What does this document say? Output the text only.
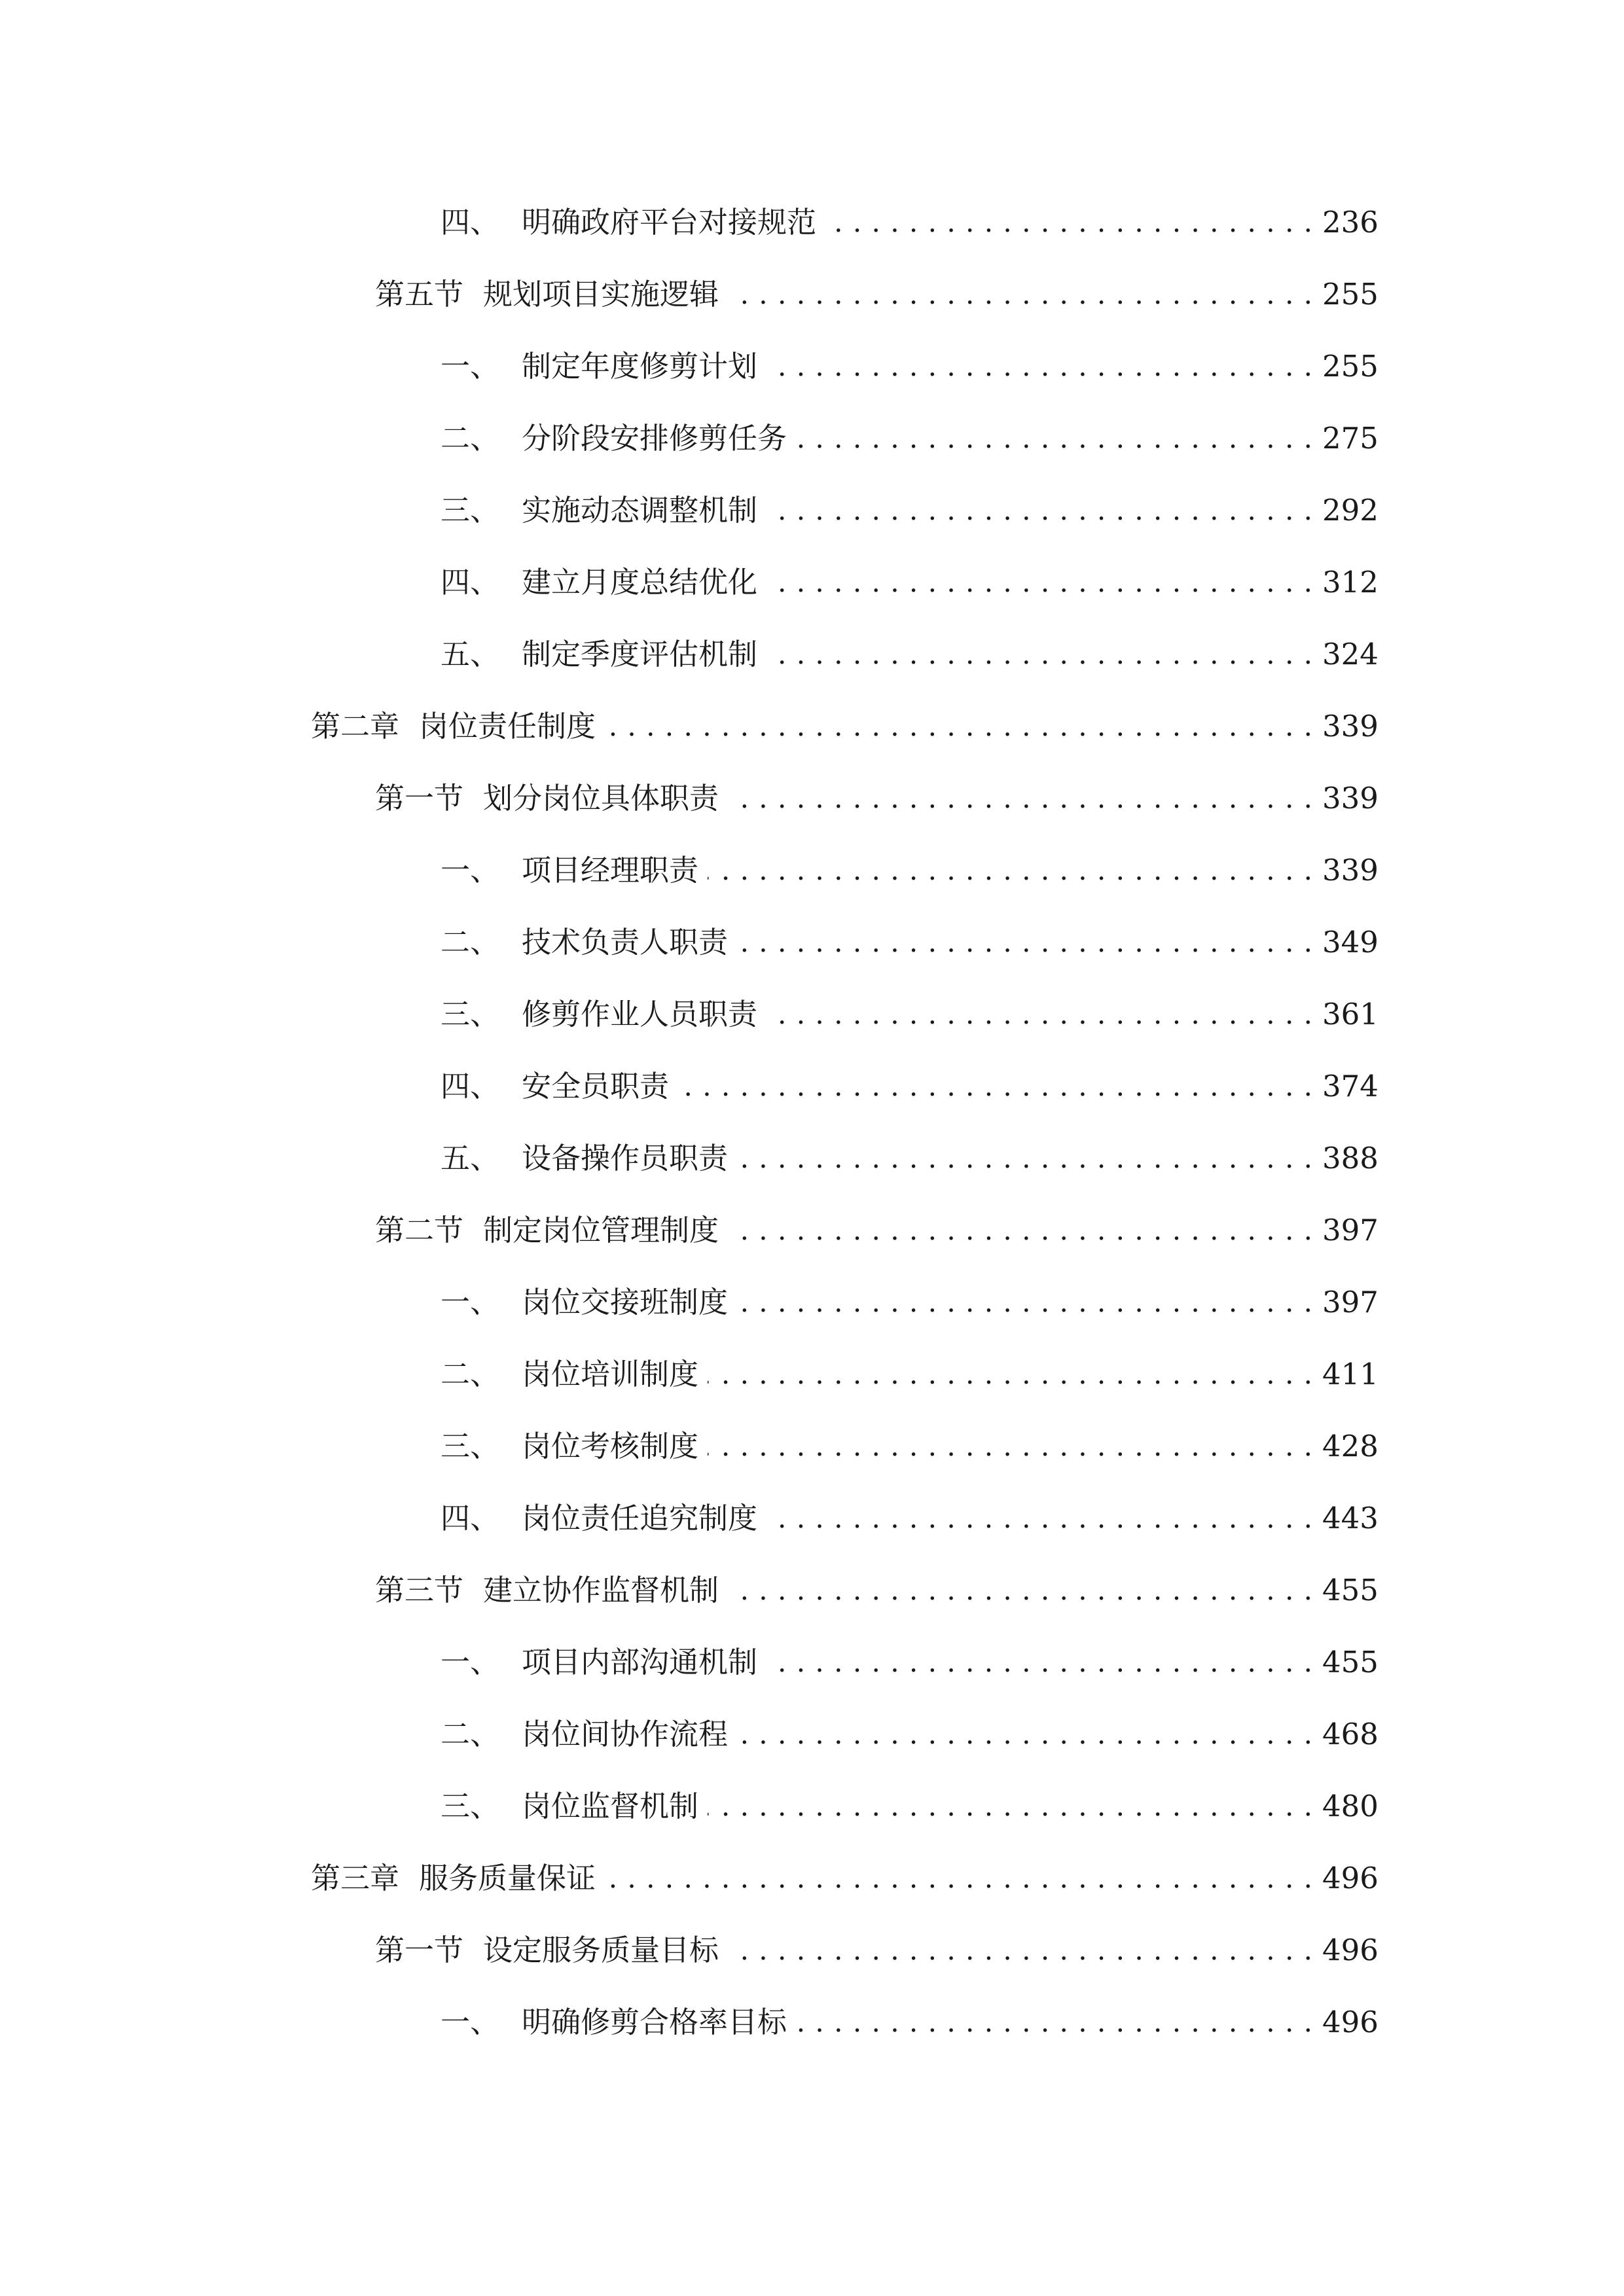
四、 明确政府平台对接规范 . . .	236
第五节 规划项目实施逻辑 . . .	255
一、 制定年度修剪计划 . . .	255
二、 分阶段安排修剪任务 . . .	275
三、 实施动态调整机制 . . .	292
四、 建立月度总结优化 . . .	312
五、 制定季度评估机制 . . .	324
第二章 岗位责任制度 . . .	339
第一节 划分岗位具体职责 . . .	339
一、 项目经理职责 . . .	339
二、 技术负责人职责 . . .	349
三、 修剪作业人员职责 . . .	361
四、 安全员职责 . . .	374
五、 设备操作员职责 . . .	388
第二节 制定岗位管理制度 . . .	397
一、 岗位交接班制度 . . .	397
二、 岗位培训制度 . . .	411
三、 岗位考核制度 . . .	428
四、 岗位责任追究制度 . . .	443
第三节 建立协作监督机制 . . .	455
一、 项目内部沟通机制 . . .	455
二、 岗位间协作流程 . . .	468
三、 岗位监督机制 . . .	480
第三章 服务质量保证 . . .	496
第一节 设定服务质量目标 . . .	496
一、 明确修剪合格率目标 . . .	496
